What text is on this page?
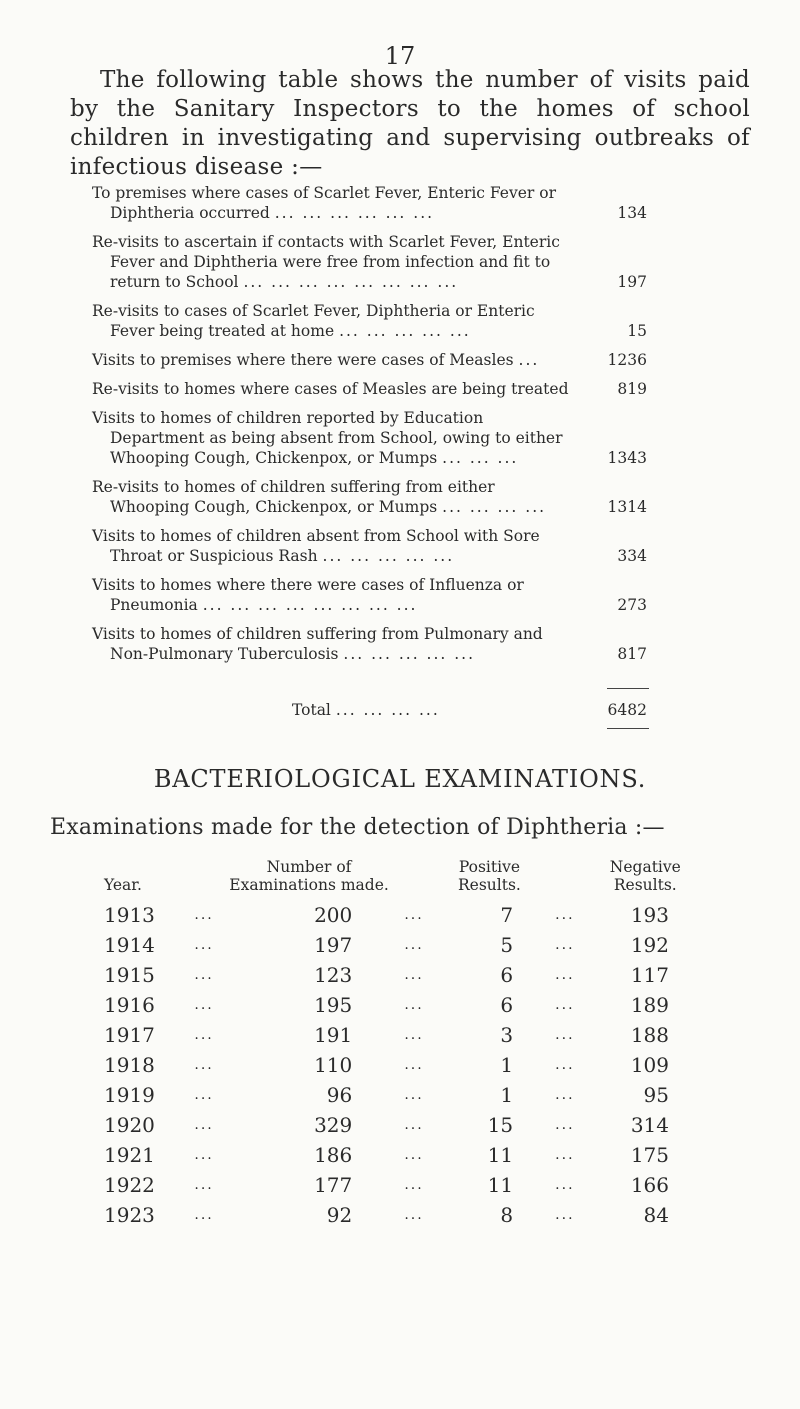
17

The following table shows the number of visits paid by the Sanitary Inspectors to the homes of school children in investigating and supervising outbreaks of infectious disease :—

To premises where cases of Scarlet Fever, Enteric Fever or Diphtheria occurred ... ... ... ... ... ...	134
Re-visits to ascertain if contacts with Scarlet Fever, Enteric Fever and Diphtheria were free from infection and fit to return to School ... ... ... ... ... ... ... ...	197
Re-visits to cases of Scarlet Fever, Diphtheria or Enteric Fever being treated at home ... ... ... ... ...	15
Visits to premises where there were cases of Measles ...	1236
Re-visits to homes where cases of Measles are being treated	819
Visits to homes of children reported by Education Department as being absent from School, owing to either Whooping Cough, Chickenpox, or Mumps ... ... ...	1343
Re-visits to homes of children suffering from either Whooping Cough, Chickenpox, or Mumps ... ... ... ...	1314
Visits to homes of children absent from School with Sore Throat or Suspicious Rash ... ... ... ... ...	334
Visits to homes where there were cases of Influenza or Pneumonia ... ... ... ... ... ... ... ...	273
Visits to homes of children suffering from Pulmonary and Non-Pulmonary Tuberculosis ... ... ... ... ...	817
Total ... ... ... ...	6482
BACTERIOLOGICAL EXAMINATIONS.
Examinations made for the detection of Diphtheria :—
Year.		Number of Examinations made.		Positive Results.		Negative Results.
1913	...	200	...	7	...	193
1914	...	197	...	5	...	192
1915	...	123	...	6	...	117
1916	...	195	...	6	...	189
1917	...	191	...	3	...	188
1918	...	110	...	1	...	109
1919	...	96	...	1	...	95
1920	...	329	...	15	...	314
1921	...	186	...	11	...	175
1922	...	177	...	11	...	166
1923	...	92	...	8	...	84
